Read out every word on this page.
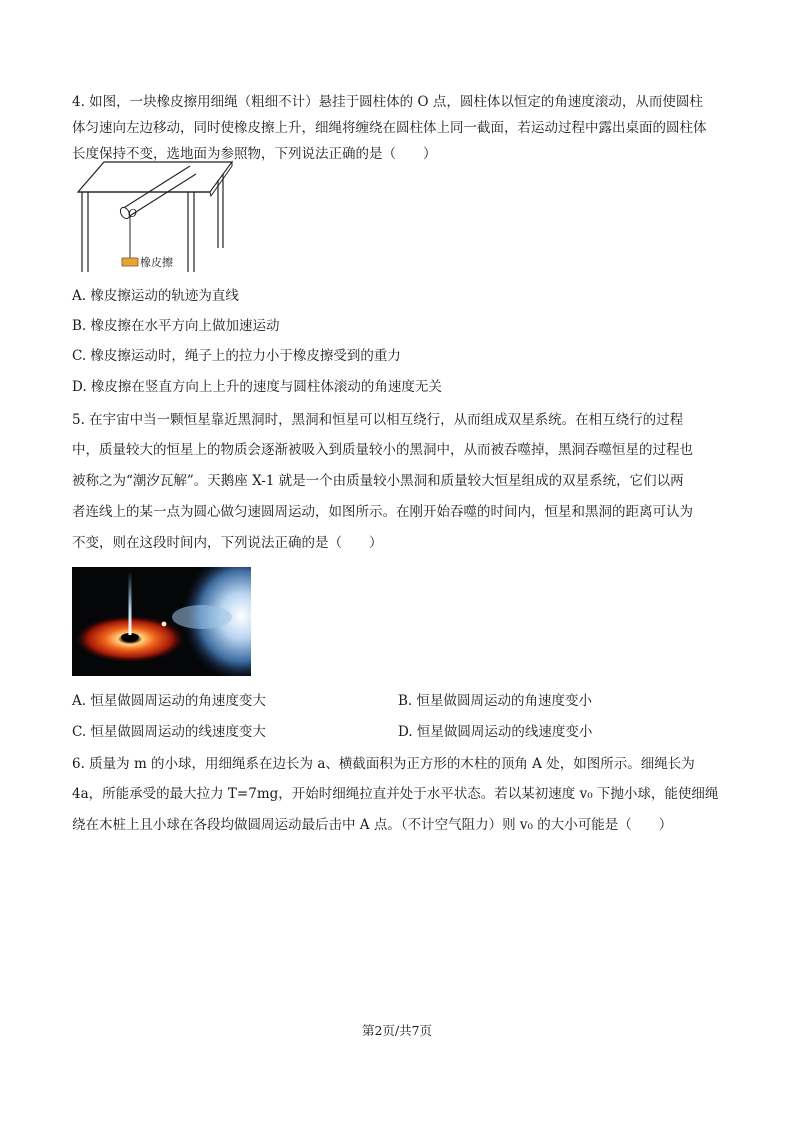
4. 如图，一块橡皮擦用细绳（粗细不计）悬挂于圆柱体的 O 点，圆柱体以恒定的角速度滚动，从而使圆柱
体匀速向左边移动，同时使橡皮擦上升，细绳将缠绕在圆柱体上同一截面，若运动过程中露出桌面的圆柱体
长度保持不变，选地面为参照物，下列说法正确的是（　　）
O
橡皮擦
A. 橡皮擦运动的轨迹为直线
B. 橡皮擦在水平方向上做加速运动
C. 橡皮擦运动时，绳子上的拉力小于橡皮擦受到的重力
D. 橡皮擦在竖直方向上上升的速度与圆柱体滚动的角速度无关
5. 在宇宙中当一颗恒星靠近黑洞时，黑洞和恒星可以相互绕行，从而组成双星系统。在相互绕行的过程
中，质量较大的恒星上的物质会逐渐被吸入到质量较小的黑洞中，从而被吞噬掉，黑洞吞噬恒星的过程也
被称之为“潮汐瓦解”。天鹅座 X-1 就是一个由质量较小黑洞和质量较大恒星组成的双星系统，它们以两
者连线上的某一点为圆心做匀速圆周运动，如图所示。在刚开始吞噬的时间内，恒星和黑洞的距离可认为
不变，则在这段时间内，下列说法正确的是（　　）
A. 恒星做圆周运动的角速度变大	B. 恒星做圆周运动的角速度变小
C. 恒星做圆周运动的线速度变大	D. 恒星做圆周运动的线速度变小
6. 质量为 m 的小球，用细绳系在边长为 a、横截面积为正方形的木柱的顶角 A 处，如图所示。细绳长为
4a，所能承受的最大拉力 T=7mg，开始时细绳拉直并处于水平状态。若以某初速度 v₀ 下抛小球，能使细绳
绕在木桩上且小球在各段均做圆周运动最后击中 A 点。（不计空气阻力）则 v₀ 的大小可能是（　　）
第2页/共7页
